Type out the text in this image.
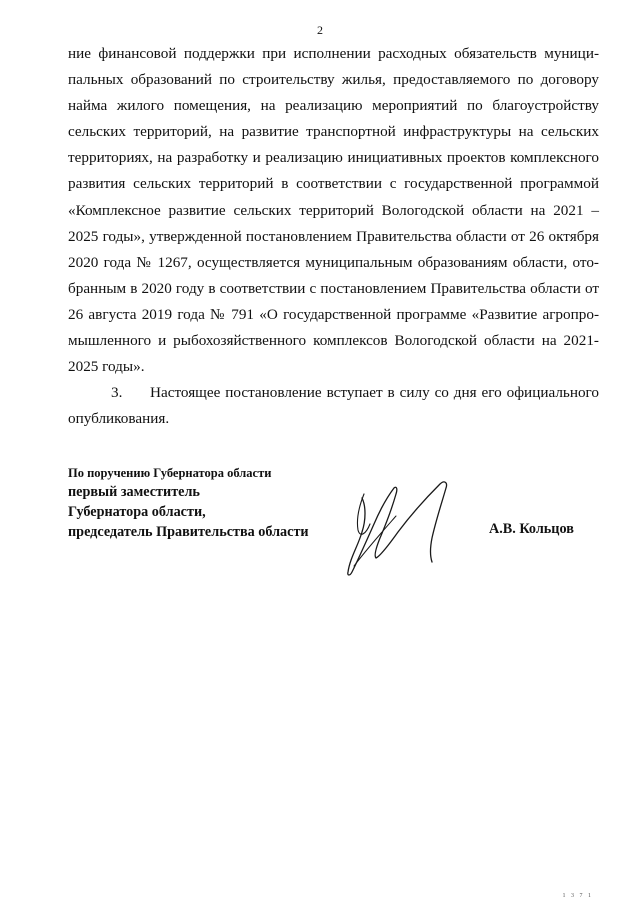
2
ние финансовой поддержки при исполнении расходных обязательств муници-
пальных образований по строительству жилья, предоставляемого по договору
найма жилого помещения, на реализацию мероприятий по благоустройству
сельских территорий, на развитие транспортной инфраструктуры на сельских
территориях, на разработку и реализацию инициативных проектов комплексного
развития сельских территорий в соответствии с государственной программой
«Комплексное развитие сельских территорий Вологодской области на 2021 –
2025 годы», утвержденной постановлением Правительства области от 26 октября
2020 года № 1267, осуществляется муниципальным образованиям области, ото-
бранным в 2020 году в соответствии с постановлением Правительства области от
26 августа 2019 года № 791 «О государственной программе «Развитие агропро-
мышленного и рыбохозяйственного комплексов Вологодской области на 2021-
2025 годы».
3. Настоящее постановление вступает в силу со дня его официального
опубликования.
По поручению Губернатора области
первый заместитель
Губернатора области,
председатель Правительства области	А.В. Кольцов
1 3 7 1
